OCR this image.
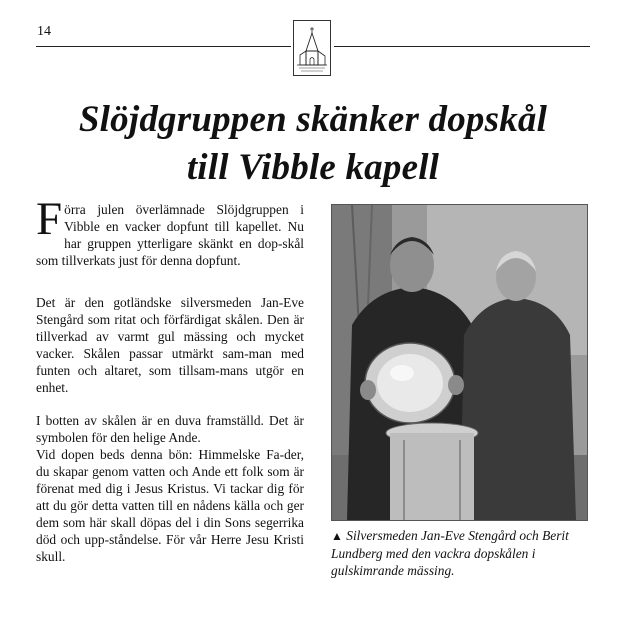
14
Slöjdgruppen skänker dopskål
till Vibble kapell

Förra julen överlämnade Slöjdgruppen i Vibble en vacker dopfunt till kapellet. Nu har gruppen ytterligare skänkt en dop-skål som tillverkats just för denna dopfunt.

Det är den gotländske silversmeden Jan-Eve Stengård som ritat och förfärdigat skålen. Den är tillverkad av varmt gul mässing och mycket vacker. Skålen passar utmärkt sam-man med funten och altaret, som tillsam-mans utgör en enhet.

I botten av skålen är en duva framställd. Det är symbolen för den helige Ande.

Vid dopen beds denna bön: Himmelske Fa-der, du skapar genom vatten och Ande ett folk som är förenat med dig i Jesus Kristus. Vi tackar dig för att du gör detta vatten till en nådens källa och ger dem som här skall döpas del i din Sons segerrika död och upp-ståndelse. För vår Herre Jesu Kristi skull.

▲ Silversmeden Jan-Eve Stengård och Berit Lundberg med den vackra dopskålen i gulskimrande mässing.
